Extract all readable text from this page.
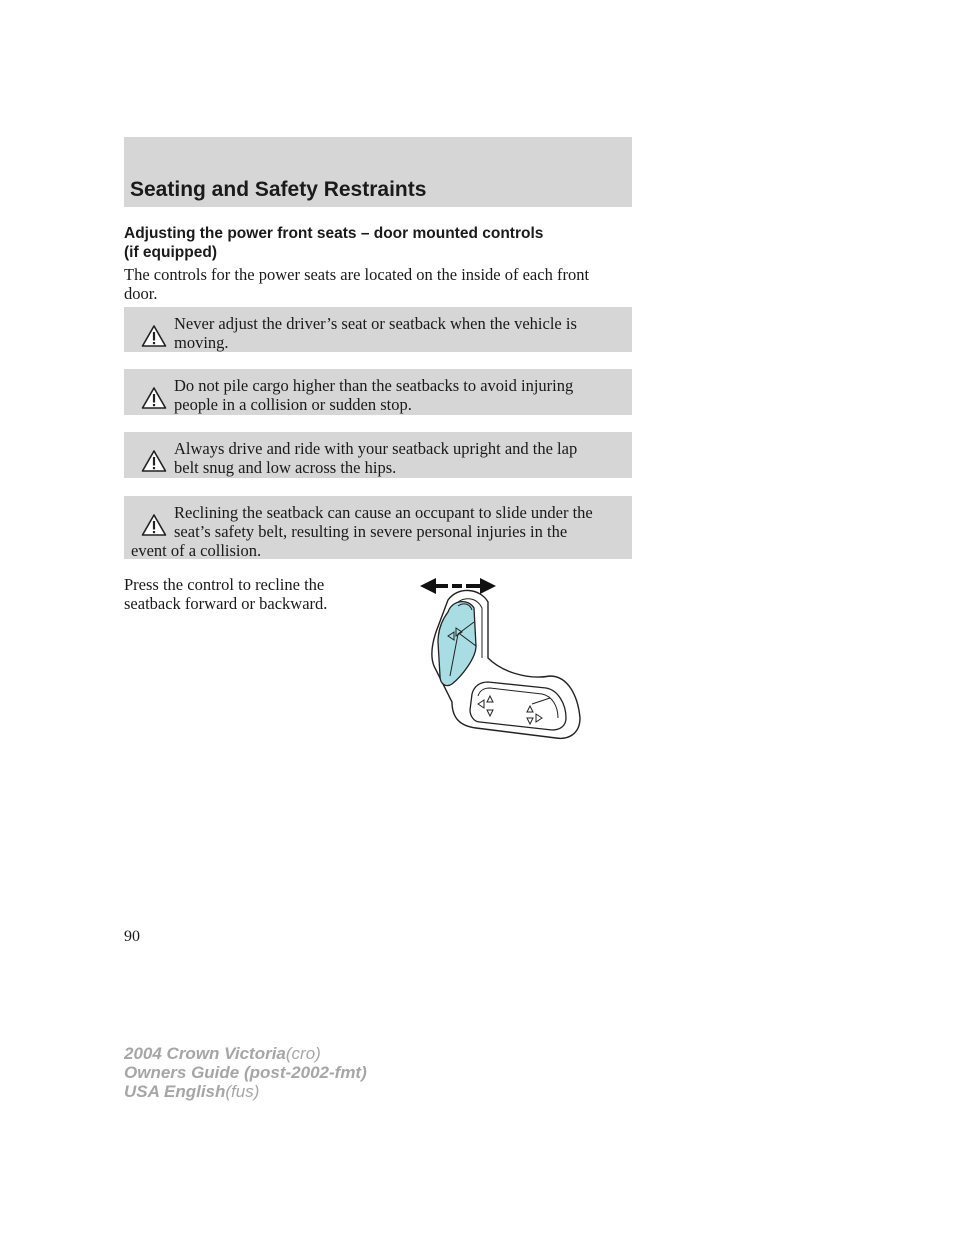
Seating and Safety Restraints
Adjusting the power front seats – door mounted controls
(if equipped)
The controls for the power seats are located on the inside of each front
door.
Never adjust the driver’s seat or seatback when the vehicle is
moving.
Do not pile cargo higher than the seatbacks to avoid injuring
people in a collision or sudden stop.
Always drive and ride with your seatback upright and the lap
belt snug and low across the hips.
Reclining the seatback can cause an occupant to slide under the
seat’s safety belt, resulting in severe personal injuries in the
event of a collision.
Press the control to recline the
seatback forward or backward.
90
2004 Crown Victoria(cro)
Owners Guide (post-2002-fmt)
USA English(fus)
